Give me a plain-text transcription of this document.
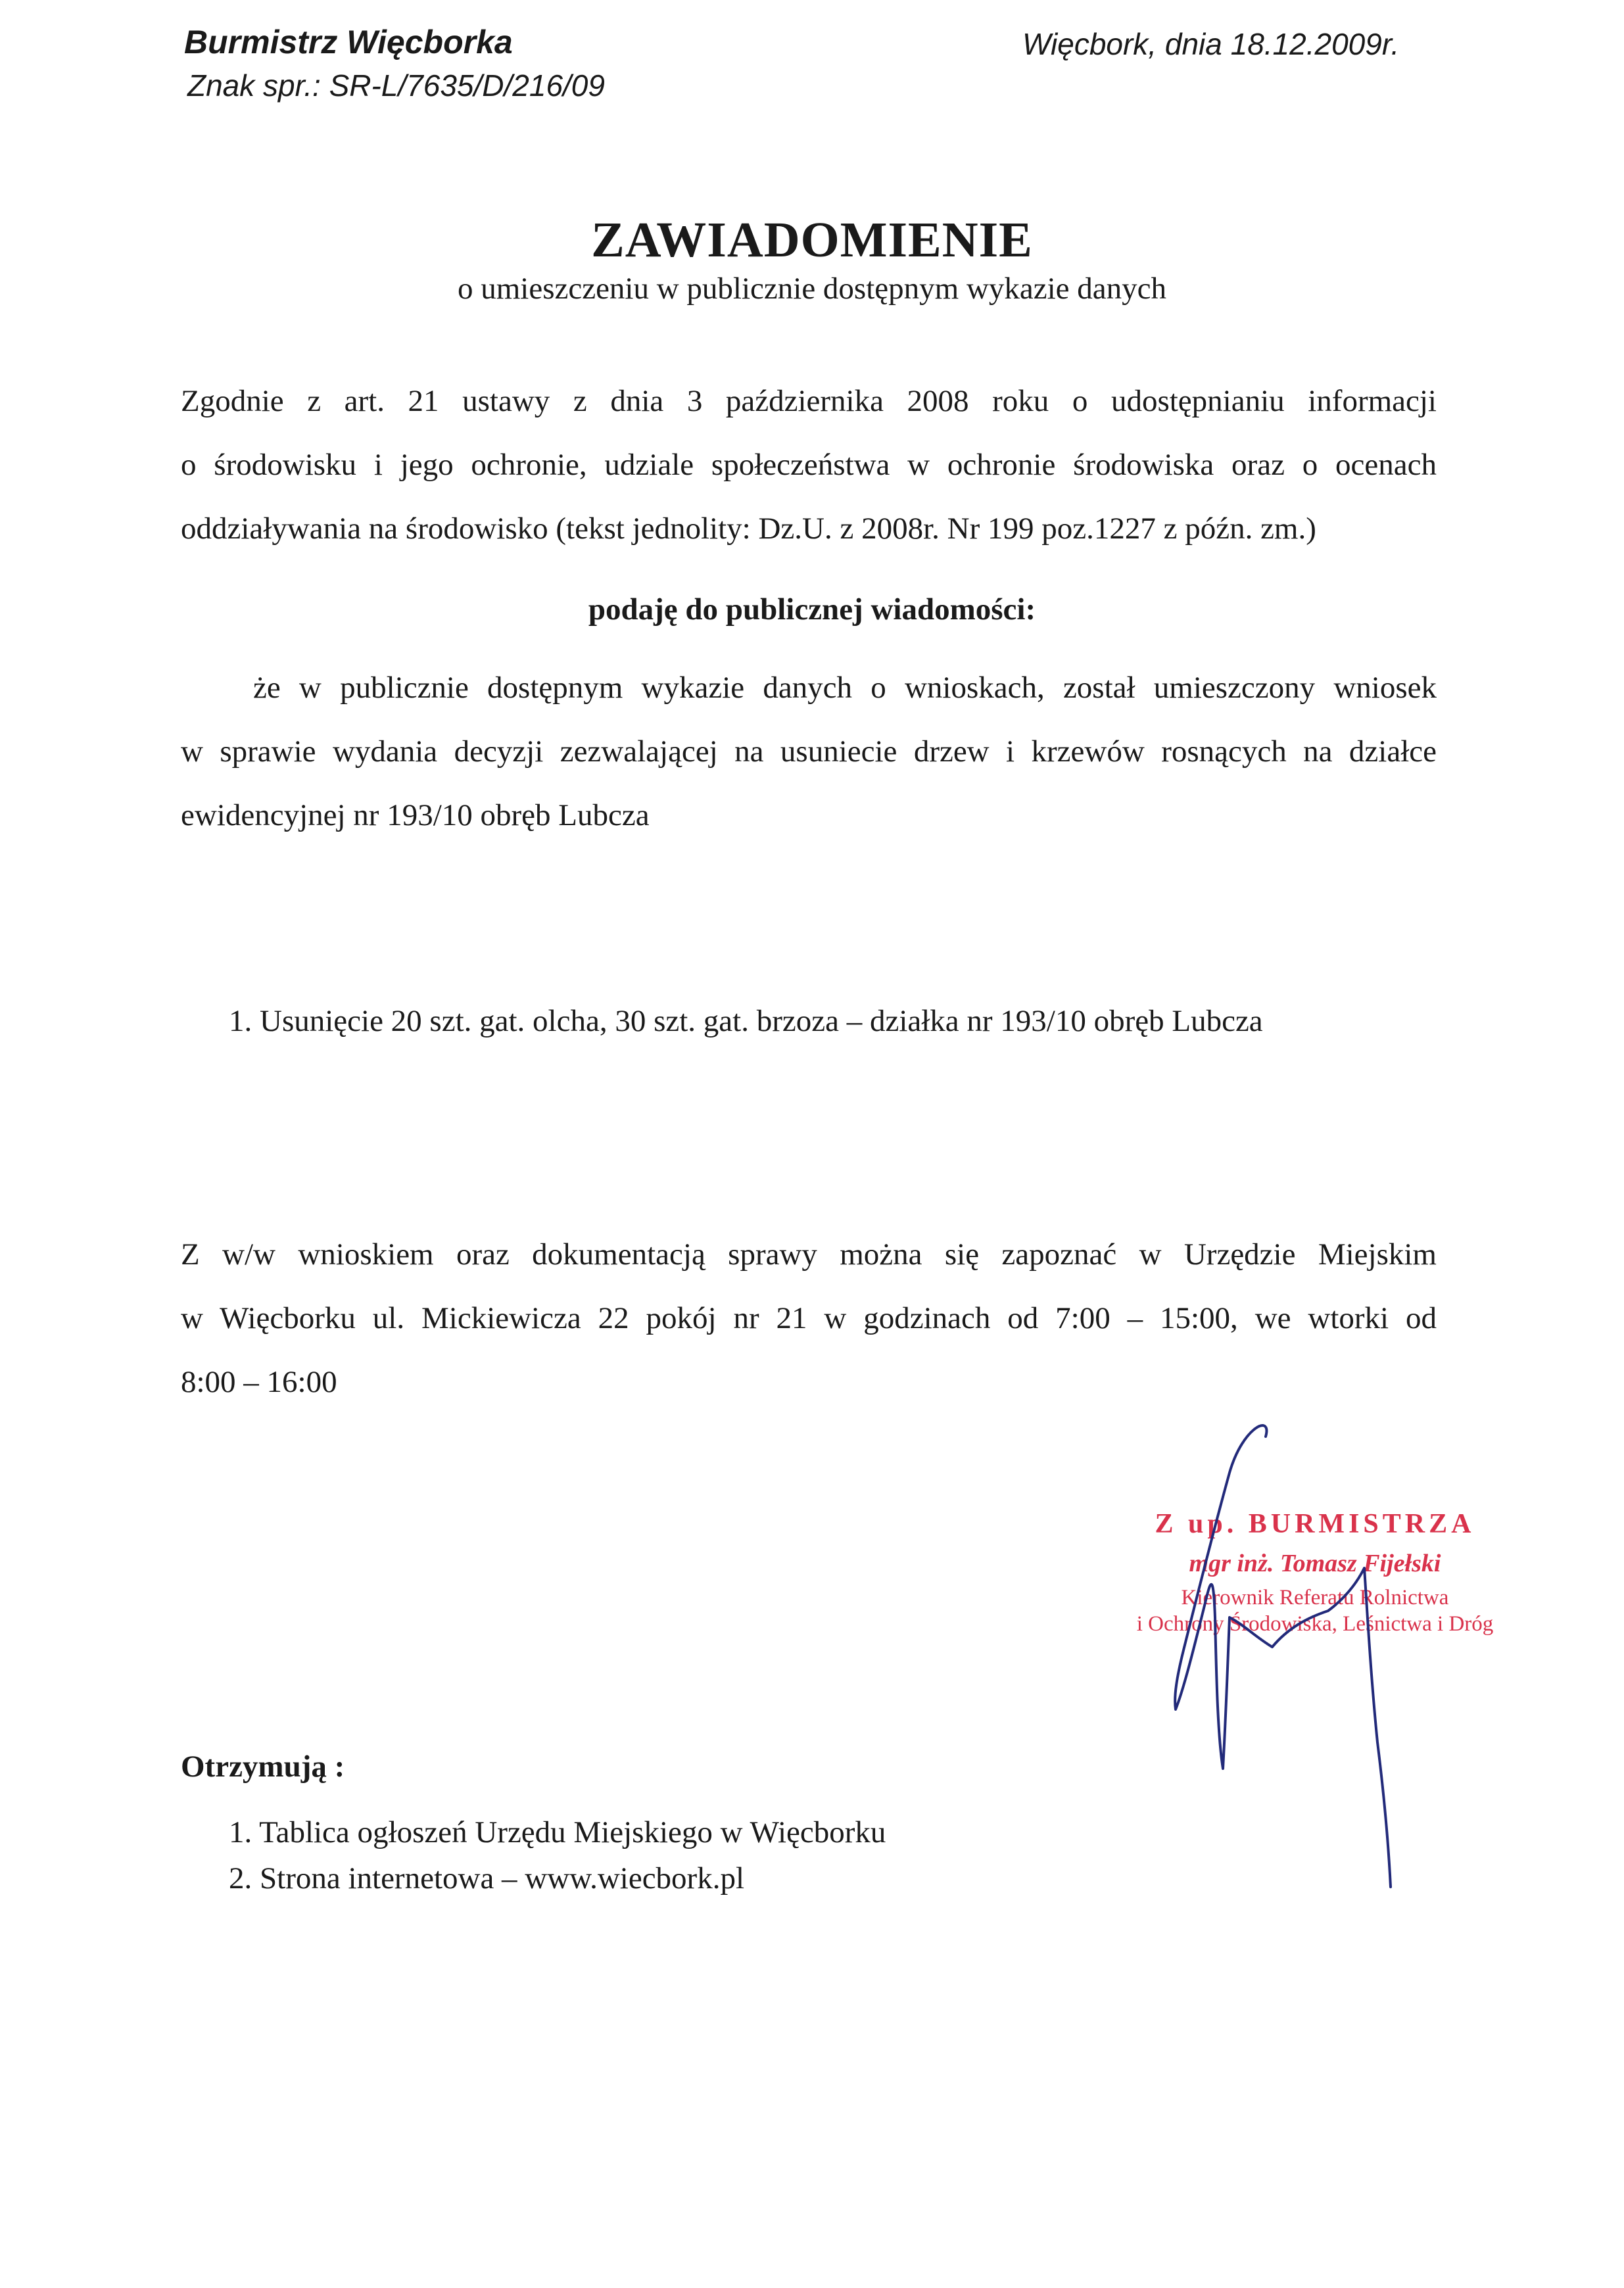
Burmistrz Więcborka
Znak spr.: SR-L/7635/D/216/09
Więcbork, dnia 18.12.2009r.
ZAWIADOMIENIE
o umieszczeniu w publicznie dostępnym wykazie danych
Zgodnie z art. 21 ustawy z dnia 3 października 2008 roku o udostępnianiu informacji
o środowisku i jego ochronie, udziale społeczeństwa w ochronie środowiska oraz o ocenach
oddziaływania na środowisko (tekst jednolity: Dz.U. z 2008r. Nr 199 poz.1227 z późn. zm.)
podaję do publicznej wiadomości:
że w publicznie dostępnym wykazie danych o wnioskach, został umieszczony wniosek
w sprawie wydania decyzji zezwalającej na usuniecie drzew i krzewów rosnących na działce
ewidencyjnej nr 193/10 obręb Lubcza
1. Usunięcie 20 szt. gat. olcha, 30 szt. gat. brzoza – działka nr 193/10 obręb Lubcza
Z w/w wnioskiem oraz dokumentacją sprawy można się zapoznać w Urzędzie Miejskim
w Więcborku ul. Mickiewicza 22 pokój nr 21 w godzinach od 7:00 – 15:00, we wtorki od
8:00 – 16:00
Z up. BURMISTRZA
mgr inż. Tomasz Fijełski
Kierownik Referatu Rolnictwa
i Ochrony Środowiska, Leśnictwa i Dróg
Otrzymują :
1. Tablica ogłoszeń Urzędu Miejskiego w Więcborku
2. Strona internetowa – www.wiecbork.pl
